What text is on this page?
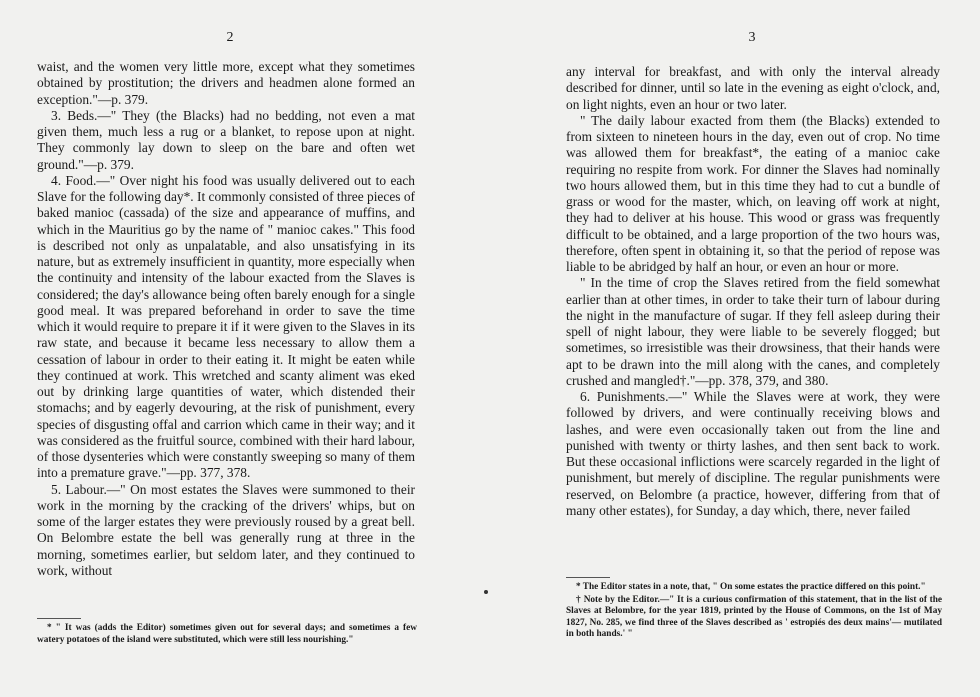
2

waist, and the women very little more, except what they sometimes obtained by prostitution; the drivers and headmen alone formed an exception."—p. 379.

3. Beds.—" They (the Blacks) had no bedding, not even a mat given them, much less a rug or a blanket, to repose upon at night. They commonly lay down to sleep on the bare and often wet ground."—p. 379.

4. Food.—" Over night his food was usually delivered out to each Slave for the following day*. It commonly consisted of three pieces of baked manioc (cassada) of the size and appearance of muffins, and which in the Mauritius go by the name of " manioc cakes." This food is described not only as unpalatable, and also unsatisfying in its nature, but as extremely insufficient in quantity, more especially when the continuity and intensity of the labour exacted from the Slaves is considered; the day's allowance being often barely enough for a single good meal. It was prepared beforehand in order to save the time which it would require to prepare it if it were given to the Slaves in its raw state, and because it became less necessary to allow them a cessation of labour in order to their eating it. It might be eaten while they continued at work. This wretched and scanty aliment was eked out by drinking large quantities of water, which distended their stomachs; and by eagerly devouring, at the risk of punishment, every species of disgusting offal and carrion which came in their way; and it was considered as the fruitful source, combined with their hard labour, of those dysenteries which were constantly sweeping so many of them into a premature grave."—pp. 377, 378.

5. Labour.—" On most estates the Slaves were summoned to their work in the morning by the cracking of the drivers' whips, but on some of the larger estates they were previously roused by a great bell. On Belombre estate the bell was generally rung at three in the morning, sometimes earlier, but seldom later, and they continued to work, without

* " It was (adds the Editor) sometimes given out for several days; and sometimes a few watery potatoes of the island were substituted, which were still less nourishing."

3

any interval for breakfast, and with only the interval already described for dinner, until so late in the evening as eight o'clock, and, on light nights, even an hour or two later.

" The daily labour exacted from them (the Blacks) extended to from sixteen to nineteen hours in the day, even out of crop. No time was allowed them for breakfast*, the eating of a manioc cake requiring no respite from work. For dinner the Slaves had nominally two hours allowed them, but in this time they had to cut a bundle of grass or wood for the master, which, on leaving off work at night, they had to deliver at his house. This wood or grass was frequently difficult to be obtained, and a large proportion of the two hours was, therefore, often spent in obtaining it, so that the period of repose was liable to be abridged by half an hour, or even an hour or more.

" In the time of crop the Slaves retired from the field somewhat earlier than at other times, in order to take their turn of labour during the night in the manufacture of sugar. If they fell asleep during their spell of night labour, they were liable to be severely flogged; but sometimes, so irresistible was their drowsiness, that their hands were apt to be drawn into the mill along with the canes, and completely crushed and mangled†."—pp. 378, 379, and 380.

6. Punishments.—" While the Slaves were at work, they were followed by drivers, and were continually receiving blows and lashes, and were even occasionally taken out from the line and punished with twenty or thirty lashes, and then sent back to work. But these occasional inflictions were scarcely regarded in the light of punishment, but merely of discipline. The regular punishments were reserved, on Belombre (a practice, however, differing from that of many other estates), for Sunday, a day which, there, never failed

* The Editor states in a note, that, " On some estates the practice differed on this point."

† Note by the Editor.—" It is a curious confirmation of this statement, that in the list of the Slaves at Belombre, for the year 1819, printed by the House of Commons, on the 1st of May 1827, No. 285, we find three of the Slaves described as ' estropiés des deux mains'— mutilated in both hands.' "
